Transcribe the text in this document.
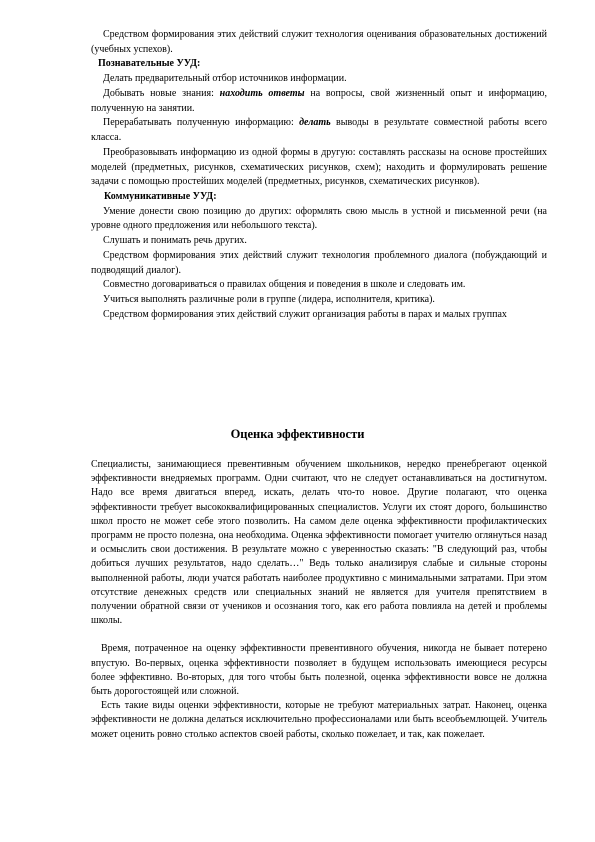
Средством формирования этих действий служит технология оценивания образовательных достижений (учебных успехов).

Познавательные УУД:

Делать предварительный отбор источников информации.

Добывать новые знания: находить ответы на вопросы, свой жизненный опыт и информацию, полученную на занятии.

Перерабатывать полученную информацию: делать выводы в результате совместной работы всего класса.

Преобразовывать информацию из одной формы в другую: составлять рассказы на основе простейших моделей (предметных, рисунков, схематических рисунков, схем); находить и формулировать решение задачи с помощью простейших моделей (предметных, рисунков, схематических рисунков).

Коммуникативные УУД:

Умение донести свою позицию до других: оформлять свою мысль в устной и письменной речи (на уровне одного предложения или небольшого текста).

Слушать и понимать речь других.

Средством формирования этих действий служит технология проблемного диалога (побуждающий и подводящий диалог).

Совместно договариваться о правилах общения и поведения в школе и следовать им.

Учиться выполнять различные роли в группе (лидера, исполнителя, критика).

Средством формирования этих действий служит организация работы в парах и малых группах

Оценка эффективности

Специалисты, занимающиеся превентивным обучением школьников, нередко пренебрегают оценкой эффективности внедряемых программ. Одни считают, что не следует останавливаться на достигнутом. Надо все время двигаться вперед, искать, делать что-то новое. Другие полагают, что оценка эффективности требует высококвалифицированных специалистов. Услуги их стоят дорого, большинство школ просто не может себе этого позволить. На самом деле оценка эффективности профилактических программ не просто полезна, она необходима. Оценка эффективности помогает учителю оглянуться назад и осмыслить свои достижения. В результате можно с уверенностью сказать: "В следующий раз, чтобы добиться лучших результатов, надо сделать…" Ведь только анализируя слабые и сильные стороны выполненной работы, люди учатся работать наиболее продуктивно с минимальными затратами. При этом отсутствие денежных средств или специальных знаний не является для учителя препятствием в получении обратной связи от учеников и осознания того, как его работа повлияла на детей и проблемы школы.

Время, потраченное на оценку эффективности превентивного обучения, никогда не бывает потерено впустую. Во-первых, оценка эффективности позволяет в будущем использовать имеющиеся ресурсы более эффективно. Во-вторых, для того чтобы быть полезной, оценка эффективности вовсе не должна быть дорогостоящей или сложной.

Есть такие виды оценки эффективности, которые не требуют материальных затрат. Наконец, оценка эффективности не должна делаться исключительно профессионалами или быть всеобъемлющей. Учитель может оценить ровно столько аспектов своей работы, сколько пожелает, и так, как пожелает.
